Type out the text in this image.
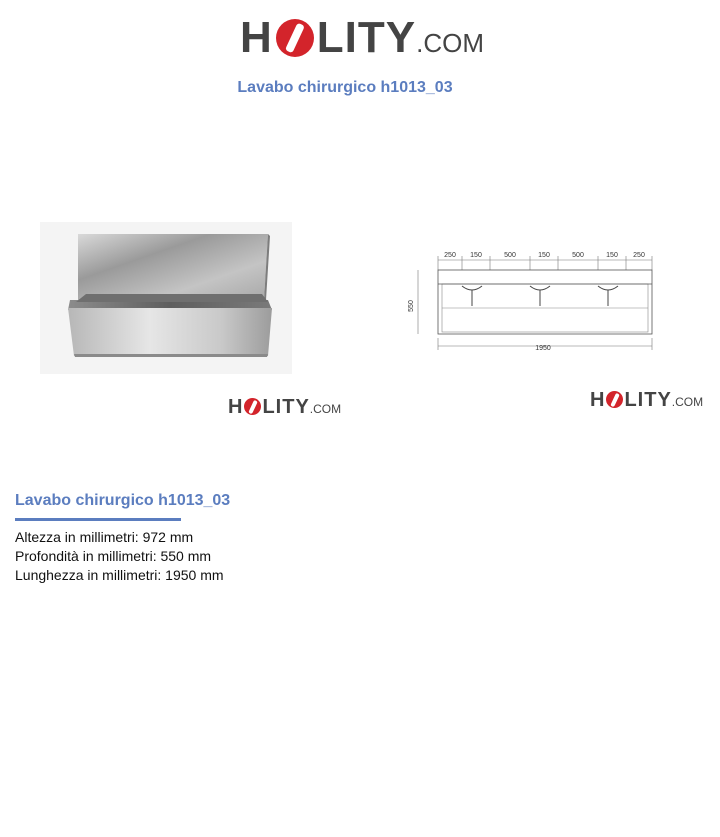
H LITY .COM
Lavabo chirurgico h1013_03
250 150	500	150	500	150 250
550
1950
H LITY .COM	H LITY .COM
Lavabo chirurgico h1013_03
Altezza in millimetri: 972 mm
Profondità in millimetri: 550 mm
Lunghezza in millimetri: 1950 mm
